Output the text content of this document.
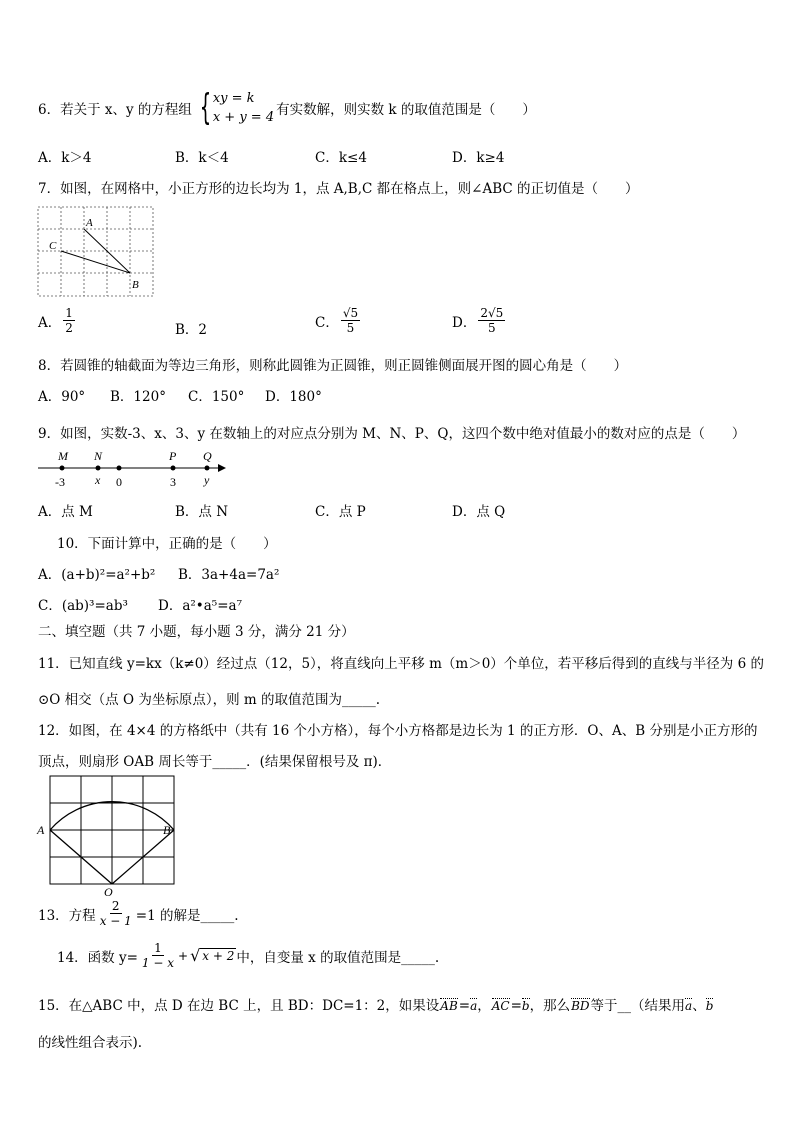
6．若关于 x、y 的方程组 { xy = k
x + y = 4 有实数解，则实数 k 的取值范围是（　　）
A．k＞4	B．k＜4	C．k≤4	D．k≥4
7．如图，在网格中，小正方形的边长均为 1，点 A,B,C 都在格点上，则∠ABC 的正切值是（　　）
A
C
B
A． $\frac{1}{2}$	B．2	C． $\frac{√5}{5}$	D． $\frac{2√5}{5}$
8．若圆锥的轴截面为等边三角形，则称此圆锥为正圆锥，则正圆锥侧面展开图的圆心角是（　　）
A．90° B．120° C．150° D．180°
9．如图，实数-3、x、3、y 在数轴上的对应点分别为 M、N、P、Q，这四个数中绝对值最小的数对应的点是（　　）
M N	P Q
-3	x 0	3 y
A．点 M	B．点 N	C．点 P	D．点 Q
10．下面计算中，正确的是（　　）
A．(a+b)²=a²+b² B．3a+4a=7a²
C．(ab)³=ab³ D．a²•a⁵=a⁷
二、填空题（共 7 小题，每小题 3 分，满分 21 分）
11．已知直线 y=kx（k≠0）经过点（12，5），将直线向上平移 m（m＞0）个单位，若平移后得到的直线与半径为 6 的
⊙O 相交（点 O 为坐标原点），则 m 的取值范围为_____.
12．如图，在 4×4 的方格纸中（共有 16 个小方格），每个小方格都是边长为 1 的正方形．O、A、B 分别是小正方形的
顶点，则扇形 OAB 周长等于_____．(结果保留根号及 π)．
A	B
O
13．方程 $\frac{2}{x - 1} =1$ 的解是_____.
14．函数 $y= \frac{1}{1 - x}$ + √ x + 2 中，自变量 x 的取值范围是_____.
15．在△ABC 中，点 D 在边 BC 上，且 BD：DC=1：2，如果设 AB = a ， AC = b ，那么 BD 等于__（结果用 a 、 b
的线性组合表示).
